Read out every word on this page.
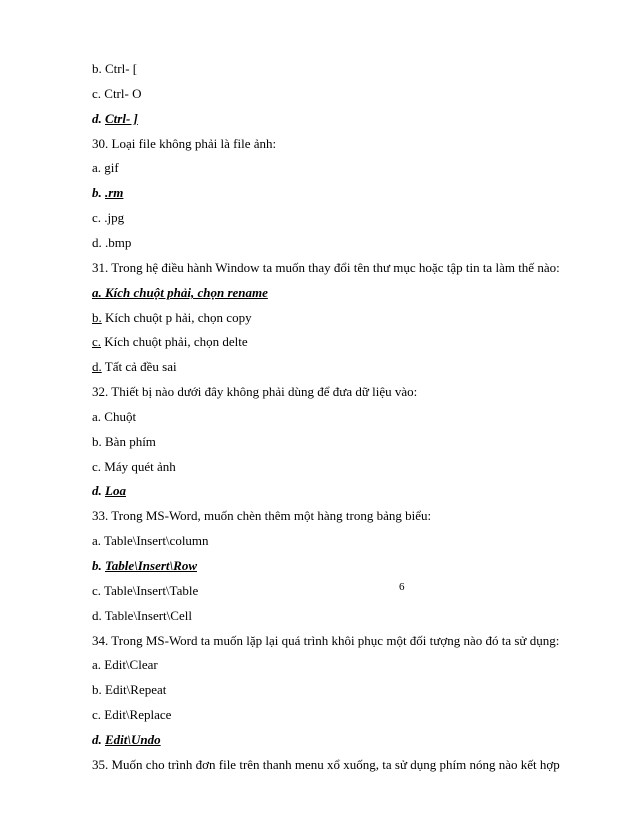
b. Ctrl- [
c. Ctrl- O
d. Ctrl- ]
30. Loại file không phải là file ảnh:
a. gif
b. .rm
c. .jpg
d. .bmp
31. Trong hệ điều hành Window ta muốn thay đổi tên thư mục hoặc tập tin ta làm thế nào:
a. Kích chuột phải, chọn rename
b. Kích chuột p hải, chọn copy
c. Kích chuột phải, chọn delte
d. Tất cả đều sai
32. Thiết bị nào dưới đây không phải dùng để đưa dữ liệu vào:
a. Chuột
b. Bàn phím
c. Máy quét ảnh
d. Loa
33. Trong MS-Word, muốn chèn thêm một hàng trong bảng biểu:
a. Table\Insert\column
b. Table\Insert\Row
c. Table\Insert\Table
d. Table\Insert\Cell
34. Trong MS-Word ta muốn lặp lại quá trình khôi phục một đối tượng nào đó ta sử dụng:
a. Edit\Clear
b. Edit\Repeat
c. Edit\Replace
d. Edit\Undo
35. Muốn cho trình đơn file trên thanh menu xổ xuống, ta sử dụng phím nóng nào kết hợp
6
